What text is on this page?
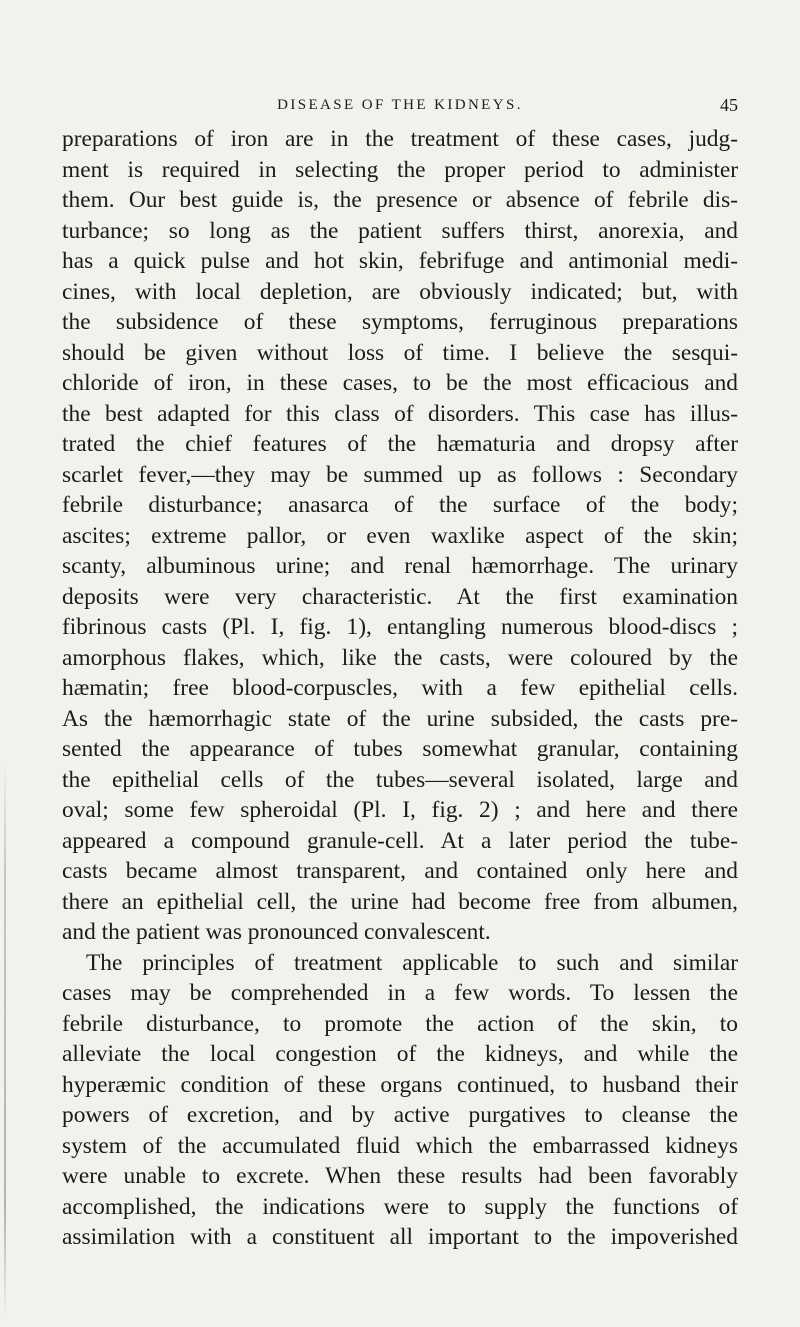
DISEASE OF THE KIDNEYS.	45
preparations of iron are in the treatment of these cases, judg-
ment is required in selecting the proper period to administer
them. Our best guide is, the presence or absence of febrile dis-
turbance; so long as the patient suffers thirst, anorexia, and
has a quick pulse and hot skin, febrifuge and antimonial medi-
cines, with local depletion, are obviously indicated; but, with
the subsidence of these symptoms, ferruginous preparations
should be given without loss of time. I believe the sesqui-
chloride of iron, in these cases, to be the most efficacious and
the best adapted for this class of disorders. This case has illus-
trated the chief features of the hæmaturia and dropsy after
scarlet fever,—they may be summed up as follows : Secondary
febrile disturbance; anasarca of the surface of the body;
ascites; extreme pallor, or even waxlike aspect of the skin;
scanty, albuminous urine; and renal hæmorrhage. The urinary
deposits were very characteristic. At the first examination
fibrinous casts (Pl. I, fig. 1), entangling numerous blood-discs ;
amorphous flakes, which, like the casts, were coloured by the
hæmatin; free blood-corpuscles, with a few epithelial cells.
As the hæmorrhagic state of the urine subsided, the casts pre-
sented the appearance of tubes somewhat granular, containing
the epithelial cells of the tubes—several isolated, large and
oval; some few spheroidal (Pl. I, fig. 2) ; and here and there
appeared a compound granule-cell. At a later period the tube-
casts became almost transparent, and contained only here and
there an epithelial cell, the urine had become free from albumen,
and the patient was pronounced convalescent.
The principles of treatment applicable to such and similar
cases may be comprehended in a few words. To lessen the
febrile disturbance, to promote the action of the skin, to
alleviate the local congestion of the kidneys, and while the
hyperæmic condition of these organs continued, to husband their
powers of excretion, and by active purgatives to cleanse the
system of the accumulated fluid which the embarrassed kidneys
were unable to excrete. When these results had been favorably
accomplished, the indications were to supply the functions of
assimilation with a constituent all important to the impoverished
